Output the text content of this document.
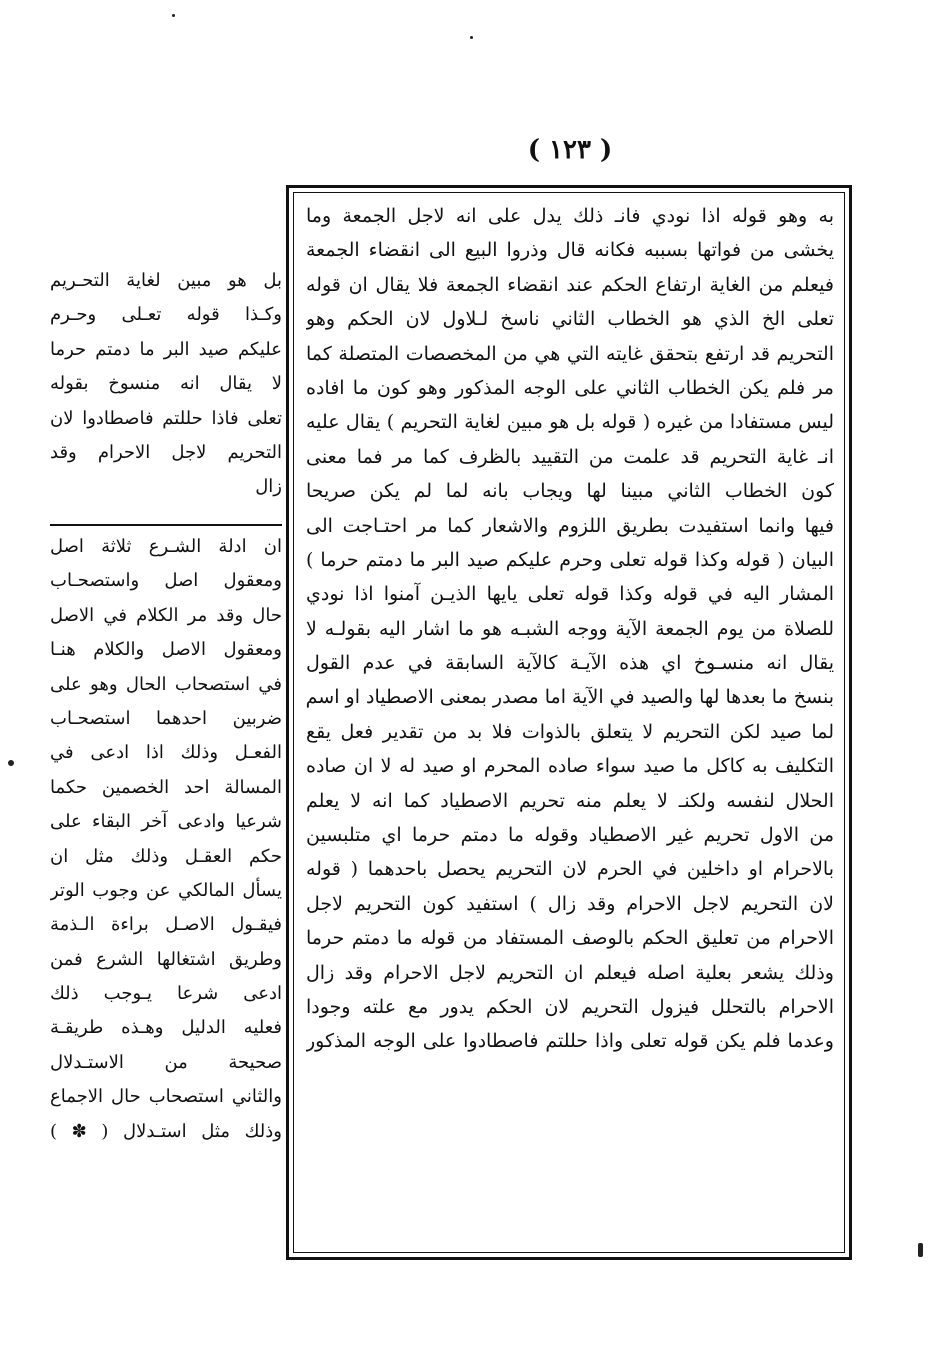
( ١٢٣ )
به وهو قوله اذا نودي فانـ ذلك يدل على انه لاجل الجمعة وما
يخشى من فواتها بسببه فكانه قال وذروا البيع الى انقضاء الجمعة
فيعلم من الغاية ارتفاع الحكم عند انقضاء الجمعة فلا يقال ان قوله
تعلى الخ الذي هو الخطاب الثاني ناسخ لـلاول لان الحكم وهو
التحريم قد ارتفع بتحقق غايته التي هي من المخصصات المتصلة كما
مر فلم يكن الخطاب الثاني على الوجه المذكور وهو كون ما افاده
ليس مستفادا من غيره ( قوله بل هو مبين لغاية التحريم ) يقال عليه
انـ غاية التحريم قد علمت من التقييد بالظرف كما مر فما معنى
كون الخطاب الثاني مبينا لها ويجاب بانه لما لم يكن صريحا
فيها وانما استفيدت بطريق اللزوم والاشعار كما مر احتـاجت الى
البيان ( قوله وكذا قوله تعلى وحرم عليكم صيد البر ما دمتم حرما )
المشار اليه في قوله وكذا قوله تعلى يايها الذيـن آمنوا اذا نودي
للصلاة من يوم الجمعة الآية ووجه الشبـه هو ما اشار اليه بقولـه لا
يقال انه منسـوخ اي هذه الآيـة كالآية السابقة في عدم القول
بنسخ ما بعدها لها والصيد في الآية اما مصدر بمعنى الاصطياد او اسم
لما صيد لكن التحريم لا يتعلق بالذوات فلا بد من تقدير فعل يقع
التكليف به كاكل ما صيد سواء صاده المحرم او صيد له لا ان صاده
الحلال لنفسه ولكنـ لا يعلم منه تحريم الاصطياد كما انه لا يعلم
من الاول تحريم غير الاصطياد وقوله ما دمتم حرما اي متلبسين
بالاحرام او داخلين في الحرم لان التحريم يحصل باحدهما ( قوله
لان التحريم لاجل الاحرام وقد زال ) استفيد كون التحريم لاجل
الاحرام من تعليق الحكم بالوصف المستفاد من قوله ما دمتم حرما
وذلك يشعر بعلية اصله فيعلم ان التحريم لاجل الاحرام وقد زال
الاحرام بالتحلل فيزول التحريم لان الحكم يدور مع علته وجودا
وعدما فلم يكن قوله تعلى واذا حللتم فاصطادوا على الوجه المذكور
بل هو مبين لغاية التحـريم
وكـذا قوله تعـلى وحـرم
عليكم صيد البر ما دمتم حرما
لا يقال انه منسوخ بقوله
تعلى فاذا حللتم فاصطادوا لان
التحريم لاجل الاحرام وقد
زال
ان ادلة الشـرع ثلاثة اصل
ومعقول اصل واستصحـاب
حال وقد مر الكلام في الاصل
ومعقول الاصل والكلام هنـا
في استصحاب الحال وهو على
ضربين احدهما استصحـاب
الفعـل وذلك اذا ادعى في
المسالة احد الخصمين حكما
شرعيا وادعى آخر البقاء على
حكم العقـل وذلك مثل ان
يسأل المالكي عن وجوب الوتر
فيقـول الاصـل براءة الـذمة
وطريق اشتغالها الشرع فمن
ادعى شرعا يـوجب ذلك
فعليه الدليل وهـذه طريقـة
صحيحة من الاستـدلال
والثاني استصحاب حال الاجماع
وذلك مثل استـدلال ( ✽ )
